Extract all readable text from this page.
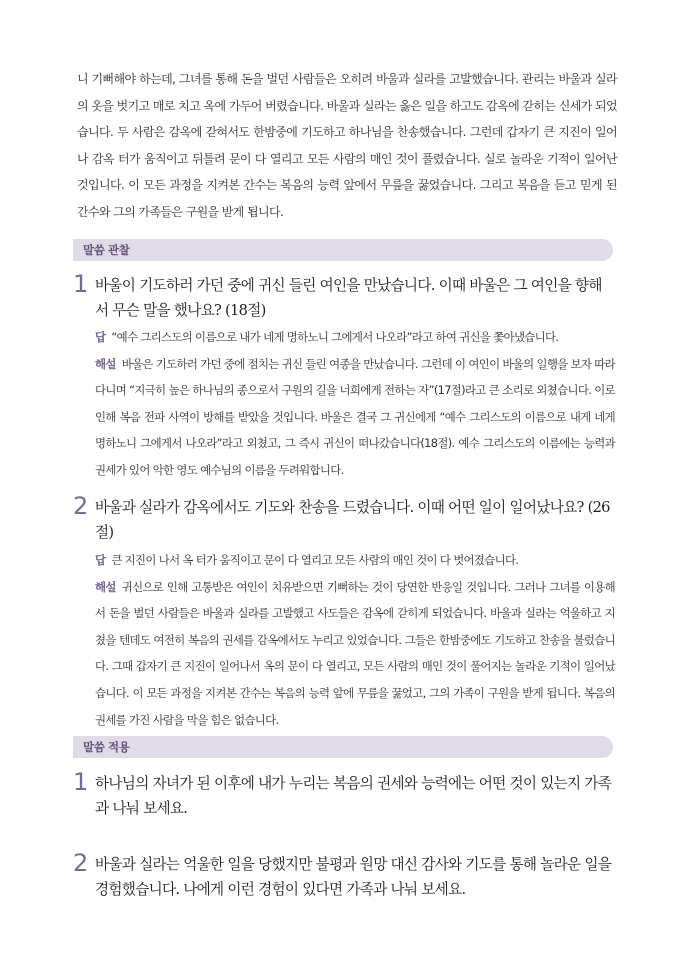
니 기뻐해야 하는데, 그녀를 통해 돈을 벌던 사람들은 오히려 바울과 실라를 고발했습니다. 관리는 바울과 실라의 옷을 벗기고 매로 치고 옥에 가두어 버렸습니다. 바울과 실라는 옳은 일을 하고도 감옥에 갇히는 신세가 되었습니다. 두 사람은 감옥에 갇혀서도 한밤중에 기도하고 하나님을 찬송했습니다. 그런데 갑자기 큰 지진이 일어나 감옥 터가 움직이고 뒤틀려 문이 다 열리고 모든 사람의 매인 것이 풀렸습니다. 실로 놀라운 기적이 일어난 것입니다. 이 모든 과정을 지켜본 간수는 복음의 능력 앞에서 무릎을 꿇었습니다. 그리고 복음을 듣고 믿게 된 간수와 그의 가족들은 구원을 받게 됩니다.
말씀 관찰
1 바울이 기도하러 가던 중에 귀신 들린 여인을 만났습니다. 이때 바울은 그 여인을 향해서 무슨 말을 했나요? (18절)
답 “예수 그리스도의 이름으로 내가 네게 명하노니 그에게서 나오라”라고 하여 귀신을 쫓아냈습니다.
해설 바울은 기도하러 가던 중에 점치는 귀신 들린 여종을 만났습니다. 그런데 이 여인이 바울의 일행을 보자 따라다니며 “지극히 높은 하나님의 종으로서 구원의 길을 너희에게 전하는 자”(17절)라고 큰 소리로 외쳤습니다. 이로 인해 복음 전파 사역이 방해를 받았을 것입니다. 바울은 결국 그 귀신에게 “예수 그리스도의 이름으로 내게 네게 명하노니 그에게서 나오라”라고 외쳤고, 그 즉시 귀신이 떠나갔습니다(18절). 예수 그리스도의 이름에는 능력과 권세가 있어 악한 영도 예수님의 이름을 두려워합니다.
2 바울과 실라가 감옥에서도 기도와 찬송을 드렸습니다. 이때 어떤 일이 일어났나요? (26절)
답 큰 지진이 나서 옥 터가 움직이고 문이 다 열리고 모든 사람의 매인 것이 다 벗어졌습니다.
해설 귀신으로 인해 고통받은 여인이 치유받으면 기뻐하는 것이 당연한 반응일 것입니다. 그러나 그녀를 이용해서 돈을 벌던 사람들은 바울과 실라를 고발했고 사도들은 감옥에 갇히게 되었습니다. 바울과 실라는 억울하고 지쳤을 텐데도 여전히 복음의 권세를 감옥에서도 누리고 있었습니다. 그들은 한밤중에도 기도하고 찬송을 불렀습니다. 그때 갑자기 큰 지진이 일어나서 옥의 문이 다 열리고, 모든 사람의 매인 것이 풀어지는 놀라운 기적이 일어났습니다. 이 모든 과정을 지켜본 간수는 복음의 능력 앞에 무릎을 꿇었고, 그의 가족이 구원을 받게 됩니다. 복음의 권세를 가진 사람을 막을 힘은 없습니다.
말씀 적용
1 하나님의 자녀가 된 이후에 내가 누리는 복음의 권세와 능력에는 어떤 것이 있는지 가족과 나눠 보세요.
2 바울과 실라는 억울한 일을 당했지만 불평과 원망 대신 감사와 기도를 통해 놀라운 일을 경험했습니다. 나에게 이런 경험이 있다면 가족과 나눠 보세요.
